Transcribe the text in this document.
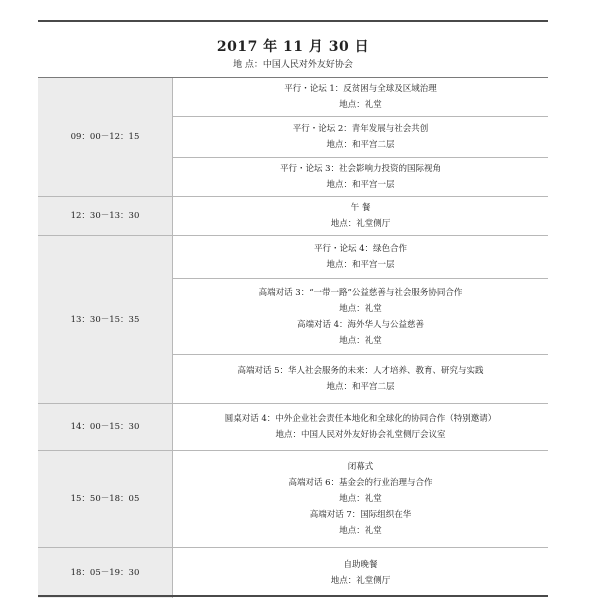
2017 年 11 月 30 日
地 点：中国人民对外友好协会
09：00－12：15	平行・论坛 1：反贫困与全球及区域治理
地点：礼堂

	平行・论坛 2：青年发展与社会共创
地点：和平宫二层

	平行・论坛 3：社会影响力投资的国际视角
地点：和平宫一层

12：30－13：30	午 餐
地点：礼堂侧厅

13：30－15：35	平行・论坛 4：绿色合作
地点：和平宫一层

	高端对话 3：“一带一路”公益慈善与社会服务协同合作
地点：礼堂
高端对话 4：海外华人与公益慈善
地点：礼堂

	高端对话 5：华人社会服务的未来：人才培养、教育、研究与实践
地点：和平宫二层

14：00－15：30	圆桌对话 4：中外企业社会责任本地化和全球化的协同合作（特别邀请）
地点：中国人民对外友好协会礼堂侧厅会议室

15：50－18：05	闭幕式
高端对话 6：基金会的行业治理与合作
地点：礼堂
高端对话 7：国际组织在华
地点：礼堂

18：05－19：30	自助晚餐
地点：礼堂侧厅
